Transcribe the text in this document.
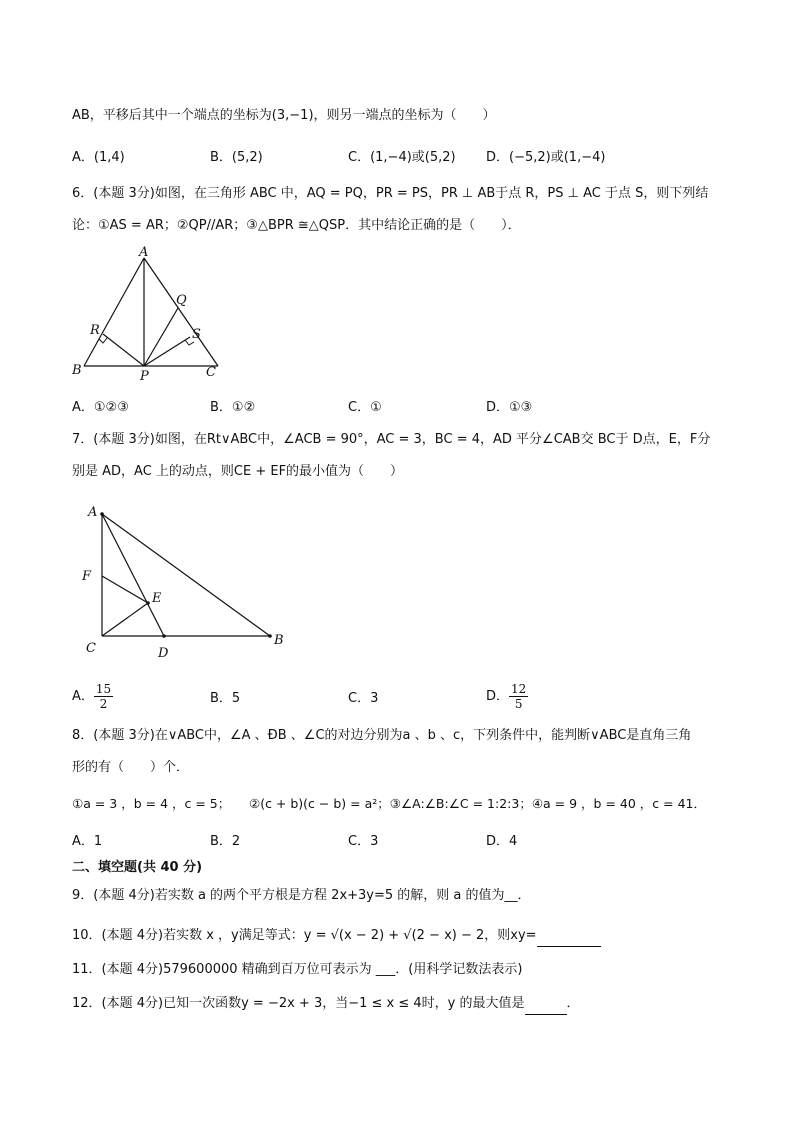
AB，平移后其中一个端点的坐标为(3,−1)，则另一端点的坐标为（　　）
A．(1,4)	B．(5,2)	C．(1,−4)或(5,2) D．(−5,2)或(1,−4)
6．(本题 3分)如图，在三角形 ABC 中，AQ = PQ，PR = PS，PR ⊥ AB于点 R，PS ⊥ AC 于点 S，则下列结
论：①AS = AR；②QP//AR；③△BPR ≅△QSP．其中结论正确的是（　　）．
A
Q
R	S
B	P	C
A．①②③	B．①②	C．①	D．①③
7．(本题 3分)如图，在Rt∨ABC中，∠ACB = 90°，AC = 3，BC = 4，AD 平分∠CAB交 BC于 D点，E，F分
别是 AD，AC 上的动点，则CE + EF的最小值为（　　）
A
F
E
C	D
B
A． $\frac{15}{2}$	B．5	C．3	D． $\frac{12}{5}$
8．(本题 3分)在∨ABC中，∠A 、ÐB 、∠C的对边分别为a 、b 、c，下列条件中，能判断∨ABC是直角三角
形的有（　　）个．
①a = 3 ，b = 4 ，c = 5；　　②(c + b)(c − b) = a²；③∠A:∠B:∠C = 1:2:3；④a = 9 ，b = 40 ，c = 41．
A．1	B．2	C．3	D．4
二、填空题(共 40 分)
9．(本题 4分)若实数 a 的两个平方根是方程 2x+3y=5 的解，则 a 的值为__．
10．(本题 4分)若实数 x ，y满足等式：y = √(x − 2) + √(2 − x) − 2，则xy=
11．(本题 4分)579600000 精确到百万位可表示为 ___．(用科学记数法表示)
12．(本题 4分)已知一次函数y = −2x + 3，当−1 ≤ x ≤ 4时，y 的最大值是	．
